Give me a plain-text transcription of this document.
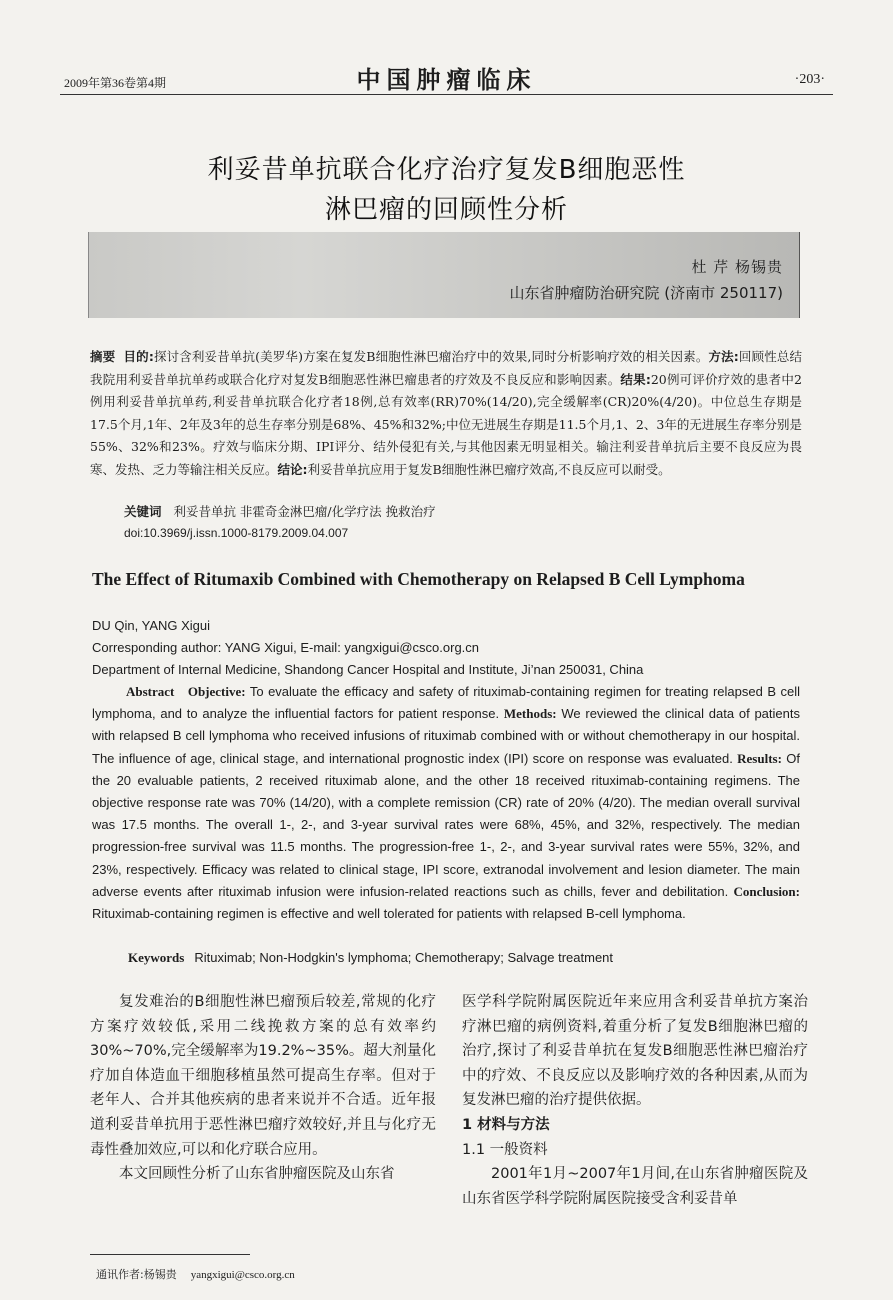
2009年第36卷第4期	中国肿瘤临床	·203·
利妥昔单抗联合化疗治疗复发B细胞恶性
淋巴瘤的回顾性分析
杜 芹 杨锡贵
山东省肿瘤防治研究院 (济南市 250117)
摘要 目的:探讨含利妥昔单抗(美罗华)方案在复发B细胞性淋巴瘤治疗中的效果,同时分析影响疗效的相关因素。方法:回顾性总结我院用利妥昔单抗单药或联合化疗对复发B细胞恶性淋巴瘤患者的疗效及不良反应和影响因素。结果:20例可评价疗效的患者中2例用利妥昔单抗单药,利妥昔单抗联合化疗者18例,总有效率(RR)70%(14/20),完全缓解率(CR)20%(4/20)。中位总生存期是17.5个月,1年、2年及3年的总生存率分别是68%、45%和32%;中位无进展生存期是11.5个月,1、2、3年的无进展生存率分别是55%、32%和23%。疗效与临床分期、IPI评分、结外侵犯有关,与其他因素无明显相关。输注利妥昔单抗后主要不良反应为畏寒、发热、乏力等输注相关反应。结论:利妥昔单抗应用于复发B细胞性淋巴瘤疗效高,不良反应可以耐受。
关键词 利妥昔单抗 非霍奇金淋巴瘤/化学疗法 挽救治疗
doi:10.3969/j.issn.1000-8179.2009.04.007
The Effect of Ritumaxib Combined with Chemotherapy on Relapsed B Cell Lymphoma
DU Qin, YANG Xigui
Corresponding author: YANG Xigui, E-mail: yangxigui@csco.org.cn
Department of Internal Medicine, Shandong Cancer Hospital and Institute, Ji’nan 250031, China
Abstract Objective: To evaluate the efficacy and safety of rituximab-containing regimen for treating relapsed B cell lymphoma, and to analyze the influential factors for patient response. Methods: We reviewed the clinical data of patients with relapsed B cell lymphoma who received infusions of rituximab combined with or without chemotherapy in our hospital. The influence of age, clinical stage, and international prognostic index (IPI) score on response was evaluated. Results: Of the 20 evaluable patients, 2 received rituximab alone, and the other 18 received rituximab-containing regimens. The objective response rate was 70% (14/20), with a complete remission (CR) rate of 20% (4/20). The median overall survival was 17.5 months. The overall 1-, 2-, and 3-year survival rates were 68%, 45%, and 32%, respectively. The median progression-free survival was 11.5 months. The progression-free 1-, 2-, and 3-year survival rates were 55%, 32%, and 23%, respectively. Efficacy was related to clinical stage, IPI score, extranodal involvement and lesion diameter. The main adverse events after rituximab infusion were infusion-related reactions such as chills, fever and debilitation. Conclusion: Rituximab-containing regimen is effective and well tolerated for patients with relapsed B-cell lymphoma.
Keywords Rituximab; Non-Hodgkin's lymphoma; Chemotherapy; Salvage treatment
复发难治的B细胞性淋巴瘤预后较差,常规的化疗方案疗效较低,采用二线挽救方案的总有效率约30%~70%,完全缓解率为19.2%~35%。超大剂量化疗加自体造血干细胞移植虽然可提高生存率。但对于老年人、合并其他疾病的患者来说并不合适。近年报道利妥昔单抗用于恶性淋巴瘤疗效较好,并且与化疗无毒性叠加效应,可以和化疗联合应用。
本文回顾性分析了山东省肿瘤医院及山东省
医学科学院附属医院近年来应用含利妥昔单抗方案治疗淋巴瘤的病例资料,着重分析了复发B细胞淋巴瘤的治疗,探讨了利妥昔单抗在复发B细胞恶性淋巴瘤治疗中的疗效、不良反应以及影响疗效的各种因素,从而为复发淋巴瘤的治疗提供依据。
1 材料与方法
1.1 一般资料
2001年1月~2007年1月间,在山东省肿瘤医院及山东省医学科学院附属医院接受含利妥昔单
通讯作者:杨锡贵 yangxigui@csco.org.cn
